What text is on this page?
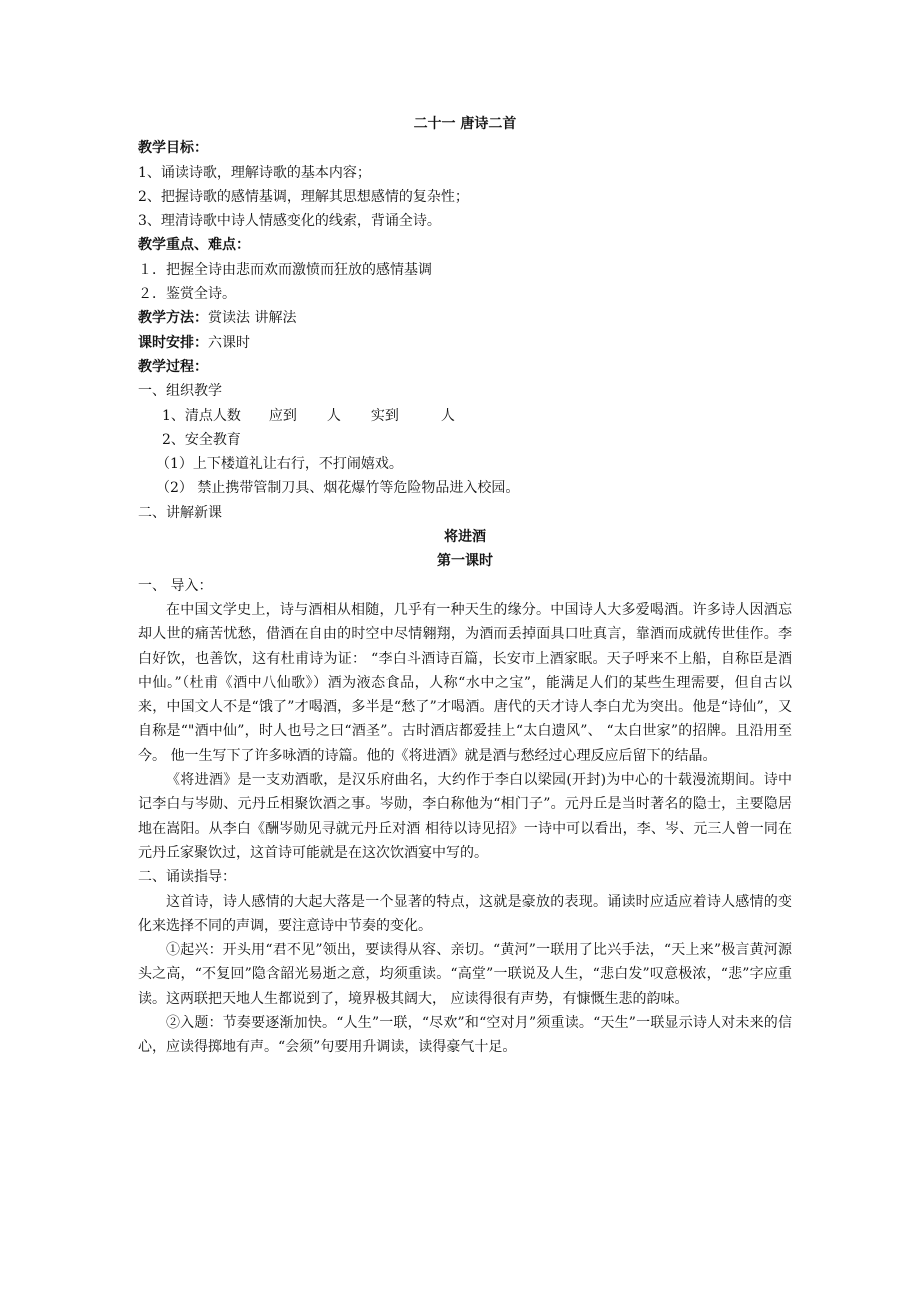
二十一 唐诗二首
教学目标：
1、诵读诗歌，理解诗歌的基本内容；
2、把握诗歌的感情基调，理解其思想感情的复杂性；
3、理清诗歌中诗人情感变化的线索，背诵全诗。
教学重点、难点：
１．把握全诗由悲而欢而激愤而狂放的感情基调
２．鉴赏全诗。
教学方法：赏读法 讲解法
课时安排：六课时
教学过程：
一、组织教学
1、清点人数 应到 人 实到	人
2、安全教育
（1）上下楼道礼让右行，不打闹嬉戏。
（2） 禁止携带管制刀具、烟花爆竹等危险物品进入校园。
二、讲解新课
将进酒
第一课时
一、 导入：
在中国文学史上，诗与酒相从相随，几乎有一种天生的缘分。中国诗人大多爱喝酒。许多诗人因酒忘却人世的痛苦忧愁，借酒在自由的时空中尽情翱翔，为酒而丢掉面具口吐真言，靠酒而成就传世佳作。李白好饮，也善饮，这有杜甫诗为证： “李白斗酒诗百篇，长安市上酒家眠。天子呼来不上船，自称臣是酒中仙。”（杜甫《酒中八仙歌》）酒为液态食品，人称“水中之宝”，能满足人们的某些生理需要，但自古以来，中国文人不是“饿了”才喝酒，多半是“愁了”才喝酒。唐代的天才诗人李白尤为突出。他是“诗仙”，又自称是“"酒中仙”，时人也号之曰“酒圣”。古时酒店都爱挂上“太白遗风”、 “太白世家”的招牌。且沿用至今。 他一生写下了许多咏酒的诗篇。他的《将进酒》就是酒与愁经过心理反应后留下的结晶。
《将进酒》是一支劝酒歌，是汉乐府曲名，大约作于李白以梁园(开封)为中心的十载漫流期间。诗中记李白与岑勋、元丹丘相聚饮酒之事。岑勋，李白称他为“相门子”。元丹丘是当时著名的隐士，主要隐居地在嵩阳。从李白《酬岑勋见寻就元丹丘对酒 相待以诗见招》一诗中可以看出，李、岑、元三人曾一同在元丹丘家聚饮过，这首诗可能就是在这次饮酒宴中写的。
二、诵读指导：
这首诗，诗人感情的大起大落是一个显著的特点，这就是豪放的表现。诵读时应适应着诗人感情的变化来选择不同的声调，要注意诗中节奏的变化。
①起兴：开头用“君不见”领出，要读得从容、亲切。“黄河”一联用了比兴手法，“天上来”极言黄河源头之高，“不复回”隐含韶光易逝之意，均须重读。“高堂”一联说及人生，“悲白发”叹意极浓，“悲”字应重读。这两联把天地人生都说到了，境界极其阔大， 应读得很有声势，有慷慨生悲的韵味。
②入题：节奏要逐渐加快。“人生”一联，“尽欢”和“空对月”须重读。“天生”一联显示诗人对未来的信心，应读得掷地有声。“会须”句要用升调读，读得豪气十足。
